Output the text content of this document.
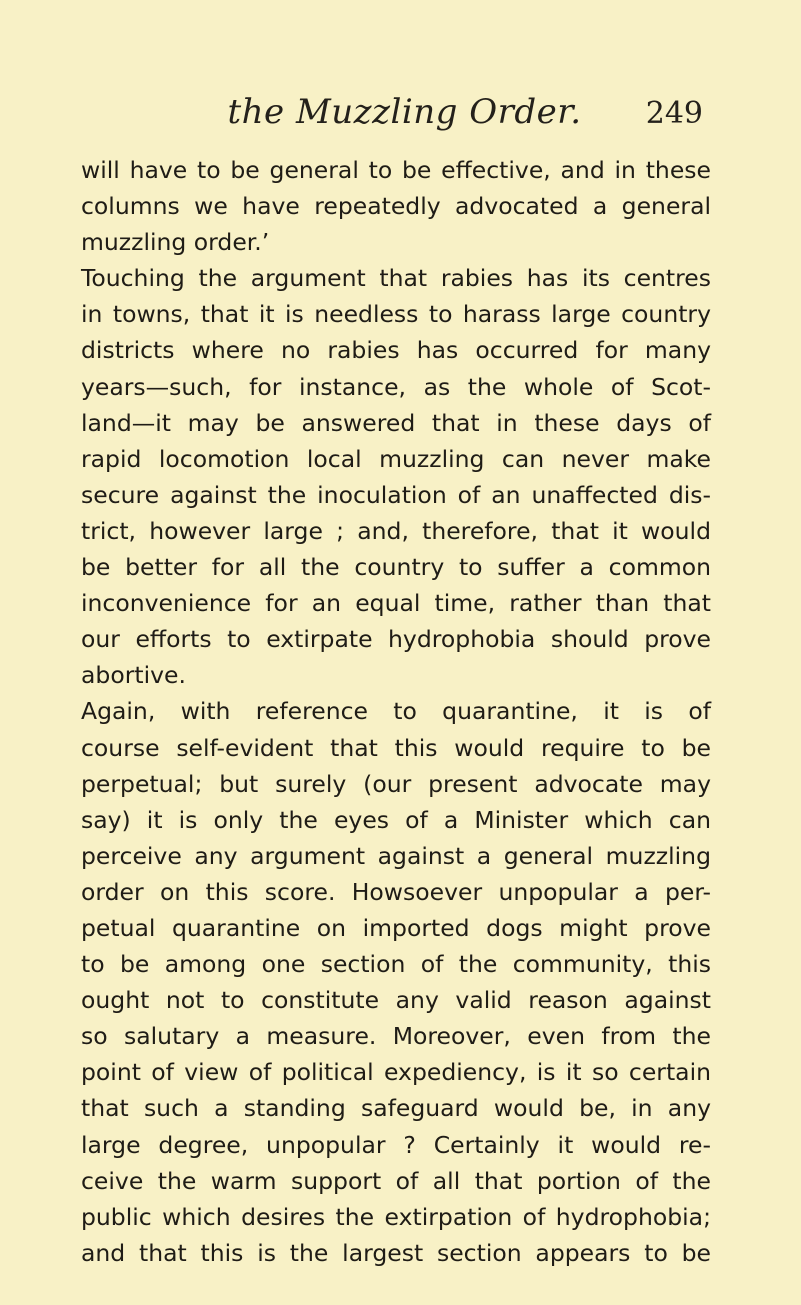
the Muzzling Order.	249
will have to be general to be effective, and in these
columns we have repeatedly advocated a general
muzzling order.’
Touching the argument that rabies has its centres
in towns, that it is needless to harass large country
districts where no rabies has occurred for many
years—such, for instance, as the whole of Scot-
land—it may be answered that in these days of
rapid locomotion local muzzling can never make
secure against the inoculation of an unaffected dis-
trict, however large ; and, therefore, that it would
be better for all the country to suffer a common
inconvenience for an equal time, rather than that
our efforts to extirpate hydrophobia should prove
abortive.
Again, with reference to quarantine, it is of
course self-evident that this would require to be
perpetual; but surely (our present advocate may
say) it is only the eyes of a Minister which can
perceive any argument against a general muzzling
order on this score. Howsoever unpopular a per-
petual quarantine on imported dogs might prove
to be among one section of the community, this
ought not to constitute any valid reason against
so salutary a measure. Moreover, even from the
point of view of political expediency, is it so certain
that such a standing safeguard would be, in any
large degree, unpopular ? Certainly it would re-
ceive the warm support of all that portion of the
public which desires the extirpation of hydrophobia;
and that this is the largest section appears to be
